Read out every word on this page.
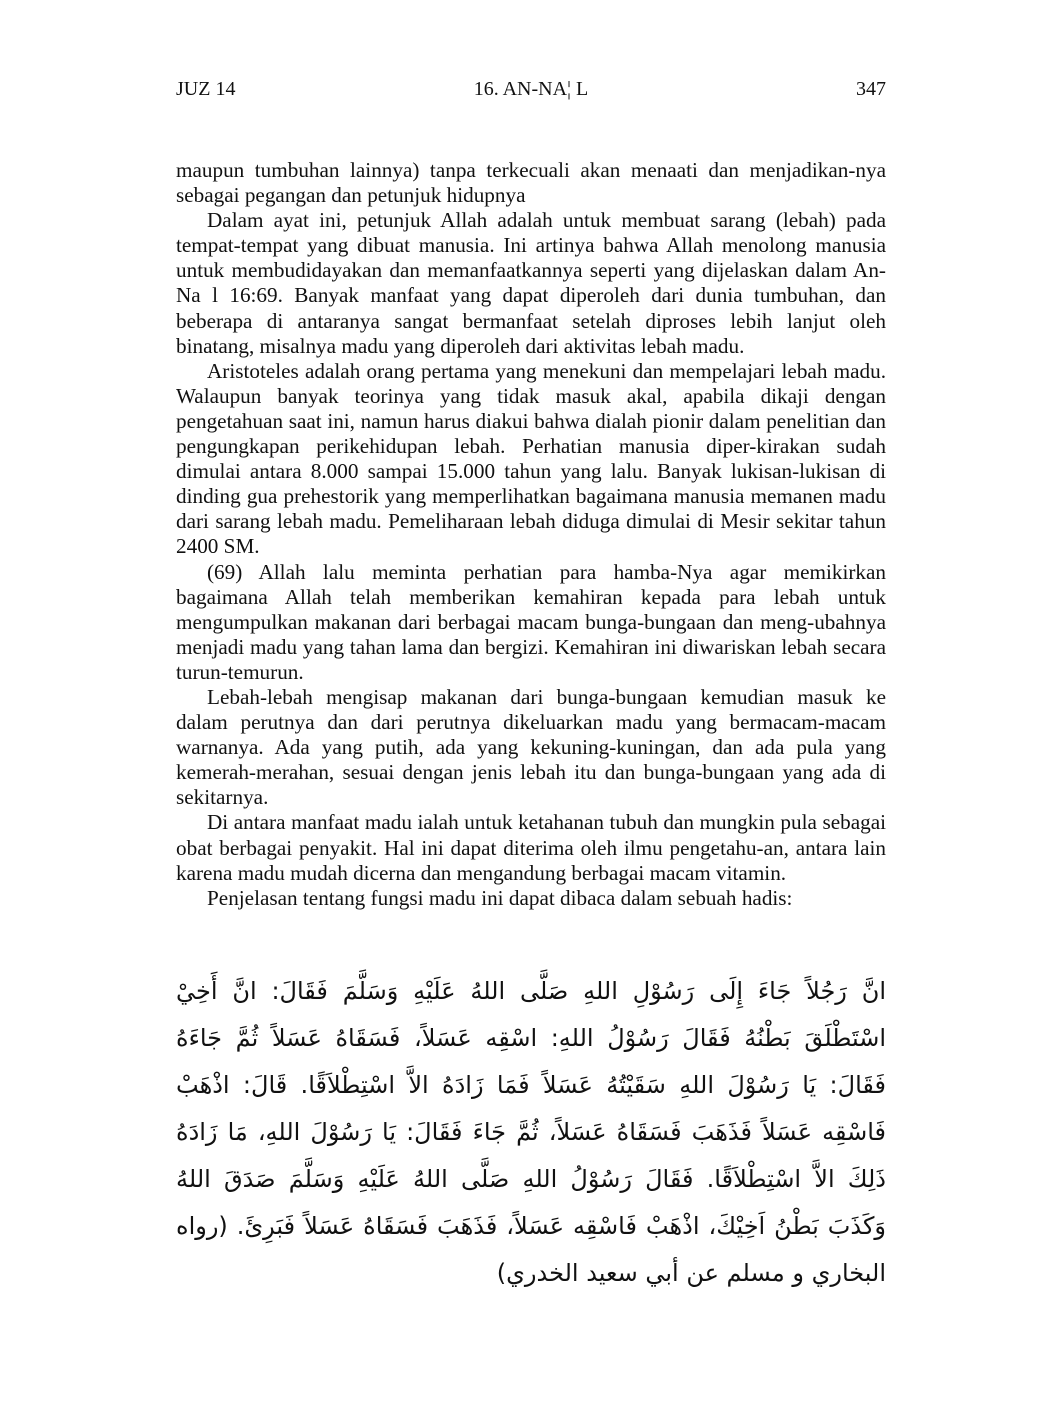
JUZ 14	16. AN-NA¦ L	347

maupun tumbuhan lainnya) tanpa terkecuali akan menaati dan menjadikan-nya sebagai pegangan dan petunjuk hidupnya

Dalam ayat ini, petunjuk Allah adalah untuk membuat sarang (lebah) pada tempat-tempat yang dibuat manusia. Ini artinya bahwa Allah menolong manusia untuk membudidayakan dan memanfaatkannya seperti yang dijelaskan dalam An-Na l 16:69. Banyak manfaat yang dapat diperoleh dari dunia tumbuhan, dan beberapa di antaranya sangat bermanfaat setelah diproses lebih lanjut oleh binatang, misalnya madu yang diperoleh dari aktivitas lebah madu.

Aristoteles adalah orang pertama yang menekuni dan mempelajari lebah madu. Walaupun banyak teorinya yang tidak masuk akal, apabila dikaji dengan pengetahuan saat ini, namun harus diakui bahwa dialah pionir dalam penelitian dan pengungkapan perikehidupan lebah. Perhatian manusia diper-kirakan sudah dimulai antara 8.000 sampai 15.000 tahun yang lalu. Banyak lukisan-lukisan di dinding gua prehestorik yang memperlihatkan bagaimana manusia memanen madu dari sarang lebah madu. Pemeliharaan lebah diduga dimulai di Mesir sekitar tahun 2400 SM.

(69) Allah lalu meminta perhatian para hamba-Nya agar memikirkan bagaimana Allah telah memberikan kemahiran kepada para lebah untuk mengumpulkan makanan dari berbagai macam bunga-bungaan dan meng-ubahnya menjadi madu yang tahan lama dan bergizi. Kemahiran ini diwariskan lebah secara turun-temurun.

Lebah-lebah mengisap makanan dari bunga-bungaan kemudian masuk ke dalam perutnya dan dari perutnya dikeluarkan madu yang bermacam-macam warnanya. Ada yang putih, ada yang kekuning-kuningan, dan ada pula yang kemerah-merahan, sesuai dengan jenis lebah itu dan bunga-bungaan yang ada di sekitarnya.

Di antara manfaat madu ialah untuk ketahanan tubuh dan mungkin pula sebagai obat berbagai penyakit. Hal ini dapat diterima oleh ilmu pengetahu-an, antara lain karena madu mudah dicerna dan mengandung berbagai macam vitamin.

Penjelasan tentang fungsi madu ini dapat dibaca dalam sebuah hadis:

انَّ رَجُلاً جَاءَ إِلَى رَسُوْلِ اللهِ صَلَّى اللهُ عَلَيْهِ وَسَلَّمَ فَقَالَ: انَّ أَخِيْ اسْتَطْلَقَ بَطْنُهُ فَقَالَ رَسُوْلُ اللهِ: اسْقِه عَسَلاً، فَسَقَاهُ عَسَلاً ثُمَّ جَاءَهُ فَقَالَ: يَا رَسُوْلَ اللهِ سَقَيْتُهُ عَسَلاً فَمَا زَادَهُ الاَّ اسْتِطْلاَقًا. قَالَ: اذْهَبْ فَاسْقِه عَسَلاً فَذَهَبَ فَسَقَاهُ عَسَلاً، ثُمَّ جَاءَ فَقَالَ: يَا رَسُوْلَ اللهِ، مَا زَادَهُ ذَلِكَ الاَّ اسْتِطْلاَقًا. فَقَالَ رَسُوْلُ اللهِ صَلَّى اللهُ عَلَيْهِ وَسَلَّمَ صَدَقَ اللهُ وَكَذَبَ بَطْنُ اَخِيْكَ، اذْهَبْ فَاسْقِه عَسَلاً، فَذَهَبَ فَسَقَاهُ عَسَلاً فَبَرِئَ. (رواه البخاري و مسلم عن أبي سعيد الخدري)
